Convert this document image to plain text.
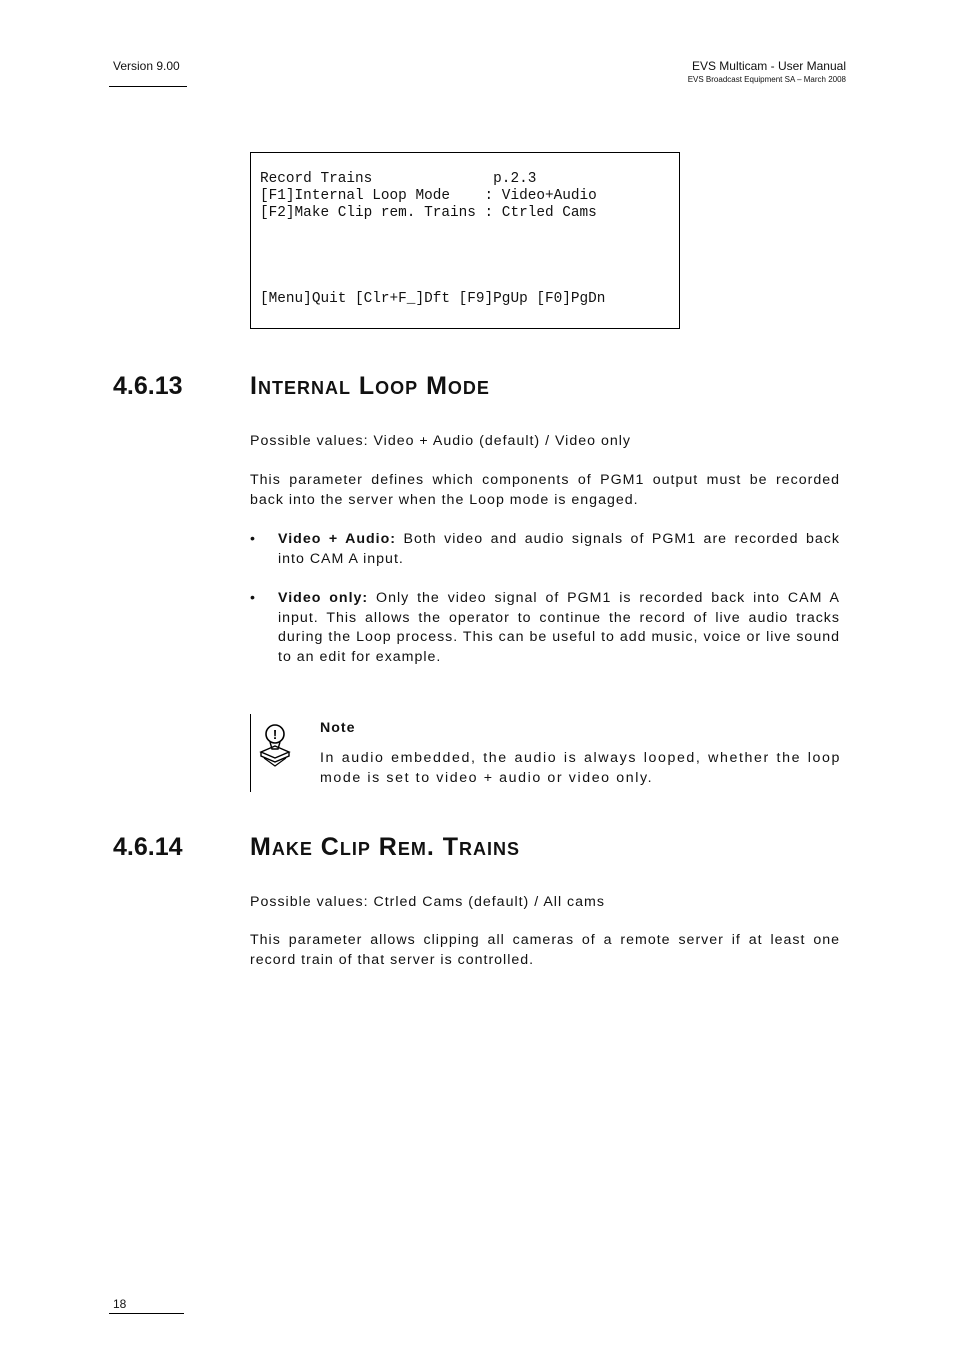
Version 9.00	EVS Multicam - User Manual
EVS Broadcast Equipment SA – March 2008
Record Trains              p.2.3
[F1]Internal Loop Mode    : Video+Audio
[F2]Make Clip rem. Trains : Ctrled Cams
[Menu]Quit [Clr+F_]Dft [F9]PgUp [F0]PgDn
4.6.13	Internal Loop Mode
Possible values: Video + Audio (default) / Video only
This parameter defines which components of PGM1 output must be recorded back into the server when the Loop mode is engaged.
• Video + Audio: Both video and audio signals of PGM1 are recorded back into CAM A input.
• Video only: Only the video signal of PGM1 is recorded back into CAM A input. This allows the operator to continue the record of live audio tracks during the Loop process. This can be useful to add music, voice or live sound to an edit for example.
!	Note
In audio embedded, the audio is always looped, whether the loop mode is set to video + audio or video only.
4.6.14	Make Clip Rem. Trains
Possible values: Ctrled Cams (default) / All cams
This parameter allows clipping all cameras of a remote server if at least one record train of that server is controlled.
18
